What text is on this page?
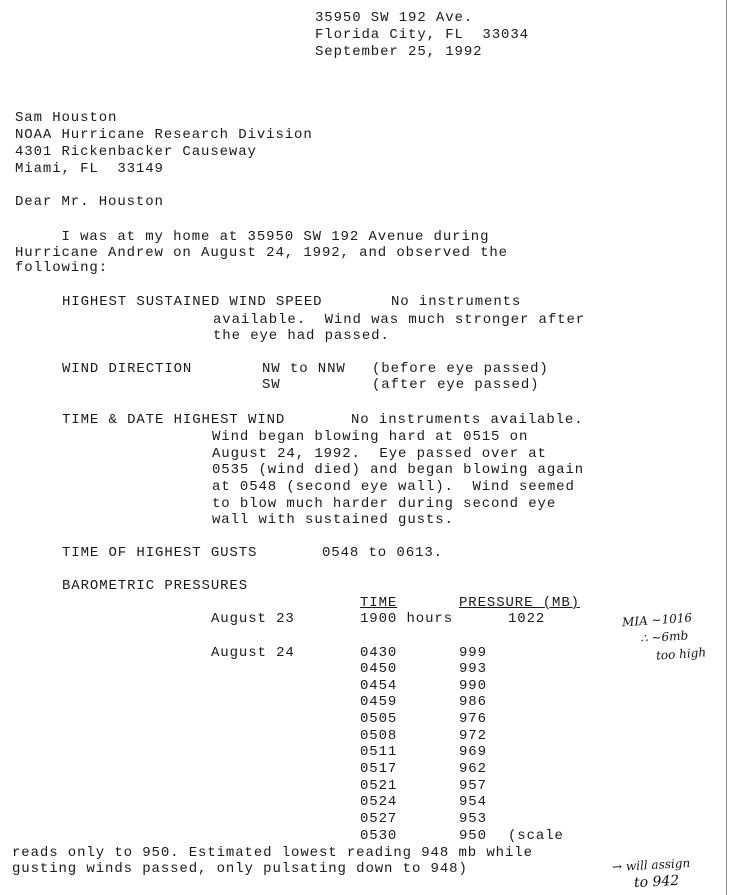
35950 SW 192 Ave.
Florida City, FL  33034
September 25, 1992
Sam Houston
NOAA Hurricane Research Division
4301 Rickenbacker Causeway
Miami, FL  33149
Dear Mr. Houston
I was at my home at 35950 SW 192 Avenue during
Hurricane Andrew on August 24, 1992, and observed the
following:
HIGHEST SUSTAINED WIND SPEED	No instruments
available.  Wind was much stronger after
the eye had passed.
WIND DIRECTION	NW to NNW (before eye passed)
SW	(after eye passed)
TIME & DATE HIGHEST WIND	No instruments available.
Wind began blowing hard at 0515 on
August 24, 1992.  Eye passed over at
0535 (wind died) and began blowing again
at 0548 (second eye wall).  Wind seemed
to blow much harder during second eye
wall with sustained gusts.
TIME OF HIGHEST GUSTS	0548 to 0613.
BAROMETRIC PRESSURES
TIME	PRESSURE (MB)
August 23	1900 hours	1022
August 24	0430	999
0450	993
0454	990
0459	986
0505	976
0508	972
0511	969
0517	962
0521	957
0524	954
0527	953
0530	950 (scale
reads only to 950. Estimated lowest reading 948 mb while
gusting winds passed, only pulsating down to 948)
MIA ~1016
∴ ~6mb
too high
→ will assign
to 942
